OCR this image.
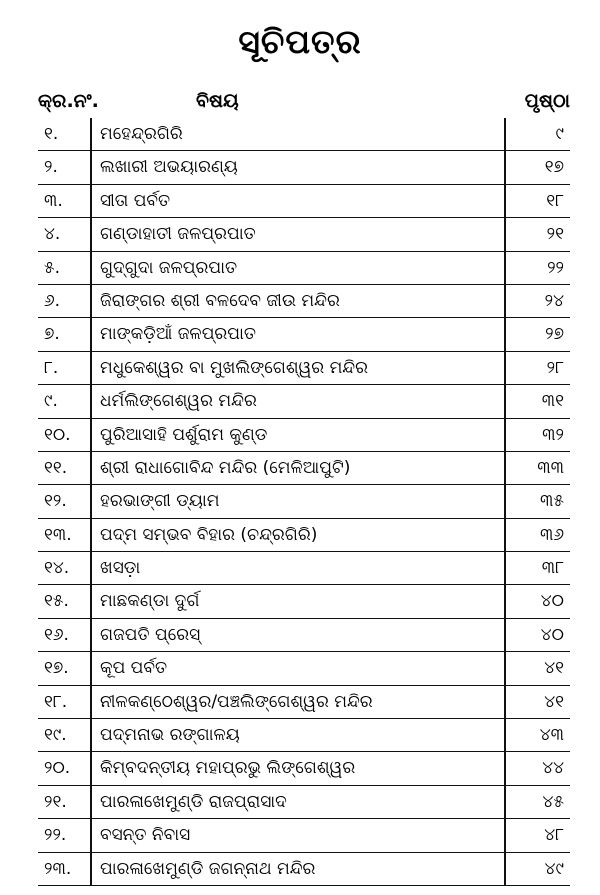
ସୂଚିପତ୍ର
କ୍ର.ନଂ.	ବିଷୟ	ପୃଷ୍ଠା
୧. ମହେନ୍ଦ୍ରଗିରି	୯
୨. ଲଖାରୀ ଅଭୟାରଣ୍ୟ	୧୭
୩. ସୀତା ପର୍ବତ	୧୮
୪. ଗଣ୍ଡାହାତୀ ଜଳପ୍ରପାତ	୨୧
୫. ଗୁଦ୍‌ଗୁଦା ଜଳପ୍ରପାତ	୨୨
୬. ଜିରାଙ୍ଗର ଶ୍ରୀ ବଳଦେବ ଜୀଉ ମନ୍ଦିର	୨୪
୭. ମାଙ୍କଡ଼ିଆଁ ଜଳପ୍ରପାତ	୨୭
୮. ମଧୁକେଶ୍ୱର ବା ମୁଖଲିଙ୍ଗେଶ୍ୱର ମନ୍ଦିର	୨୮
୯. ଧର୍ମଲିଙ୍ଗେଶ୍ୱର ମନ୍ଦିର	୩୧
୧୦. ପୁରିଆସାହି ପର୍ଶୁରାମ କୁଣ୍ଡ	୩୨
୧୧. ଶ୍ରୀ ରାଧାଗୋବିନ୍ଦ ମନ୍ଦିର (ମେଳିଆପୁଟି)	୩୩
୧୨. ହରଭାଙ୍ଗୀ ଡ୍ୟାମ	୩୫
୧୩. ପଦ୍ମ ସମ୍ଭବ ବିହାର (ଚନ୍ଦ୍ରଗିରି)	୩୬
୧୪. ଖସଡ଼ା	୩୮
୧୫. ମାଛକଣ୍ଡା ଦୁର୍ଗ	୪୦
୧୬. ଗଜପତି ପ୍ରେସ୍	୪୦
୧୭. କୂପ ପର୍ବତ	୪୧
୧୮. ନୀଳକଣ୍ଠେଶ୍ୱର/ପଞ୍ଚଲିଙ୍ଗେଶ୍ୱର ମନ୍ଦିର	୪୧
୧୯. ପଦ୍ମନାଭ ରଙ୍ଗାଳୟ	୪୩
୨୦. କିମ୍ବଦନ୍ତୀୟ ମହାପ୍ରଭୁ ଲିଙ୍ଗେଶ୍ୱର	୪୪
୨୧. ପାରଳାଖେମୁଣ୍ଡି ରାଜପ୍ରାସାଦ	୪୫
୨୨. ବସନ୍ତ ନିବାସ	୪୮
୨୩. ପାରଳାଖେମୁଣ୍ଡି ଜଗନ୍ନାଥ ମନ୍ଦିର	୪୯
